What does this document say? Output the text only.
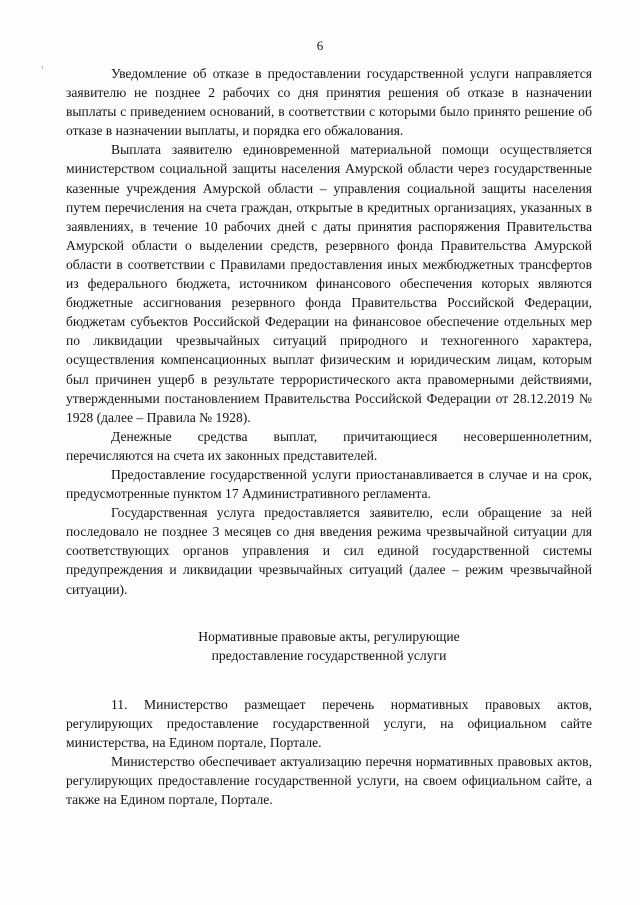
6

Уведомление об отказе в предоставлении государственной услуги направляется заявителю не позднее 2 рабочих со дня принятия решения об отказе в назначении выплаты с приведением оснований, в соответствии с которыми было принято решение об отказе в назначении выплаты, и порядка его обжалования.

Выплата заявителю единовременной материальной помощи осуществляется министерством социальной защиты населения Амурской области через государственные казенные учреждения Амурской области – управления социальной защиты населения путем перечисления на счета граждан, открытые в кредитных организациях, указанных в заявлениях, в течение 10 рабочих дней с даты принятия распоряжения Правительства Амурской области о выделении средств, резервного фонда Правительства Амурской области в соответствии с Правилами предоставления иных межбюджетных трансфертов из федерального бюджета, источником финансового обеспечения которых являются бюджетные ассигнования резервного фонда Правительства Российской Федерации, бюджетам субъектов Российской Федерации на финансовое обеспечение отдельных мер по ликвидации чрезвычайных ситуаций природного и техногенного характера, осуществления компенсационных выплат физическим и юридическим лицам, которым был причинен ущерб в результате террористического акта правомерными действиями, утвержденными постановлением Правительства Российской Федерации от 28.12.2019 № 1928 (далее – Правила № 1928).

Денежные средства выплат, причитающиеся несовершеннолетним, перечисляются на счета их законных представителей.

Предоставление государственной услуги приостанавливается в случае и на срок, предусмотренные пунктом 17 Административного регламента.

Государственная услуга предоставляется заявителю, если обращение за ней последовало не позднее 3 месяцев со дня введения режима чрезвычайной ситуации для соответствующих органов управления и сил единой государственной системы предупреждения и ликвидации чрезвычайных ситуаций (далее – режим чрезвычайной ситуации).

Нормативные правовые акты, регулирующие
предоставление государственной услуги

11. Министерство размещает перечень нормативных правовых актов, регулирующих предоставление государственной услуги, на официальном сайте министерства, на Едином портале, Портале.

Министерство обеспечивает актуализацию перечня нормативных правовых актов, регулирующих предоставление государственной услуги, на своем официальном сайте, а также на Едином портале, Портале.
